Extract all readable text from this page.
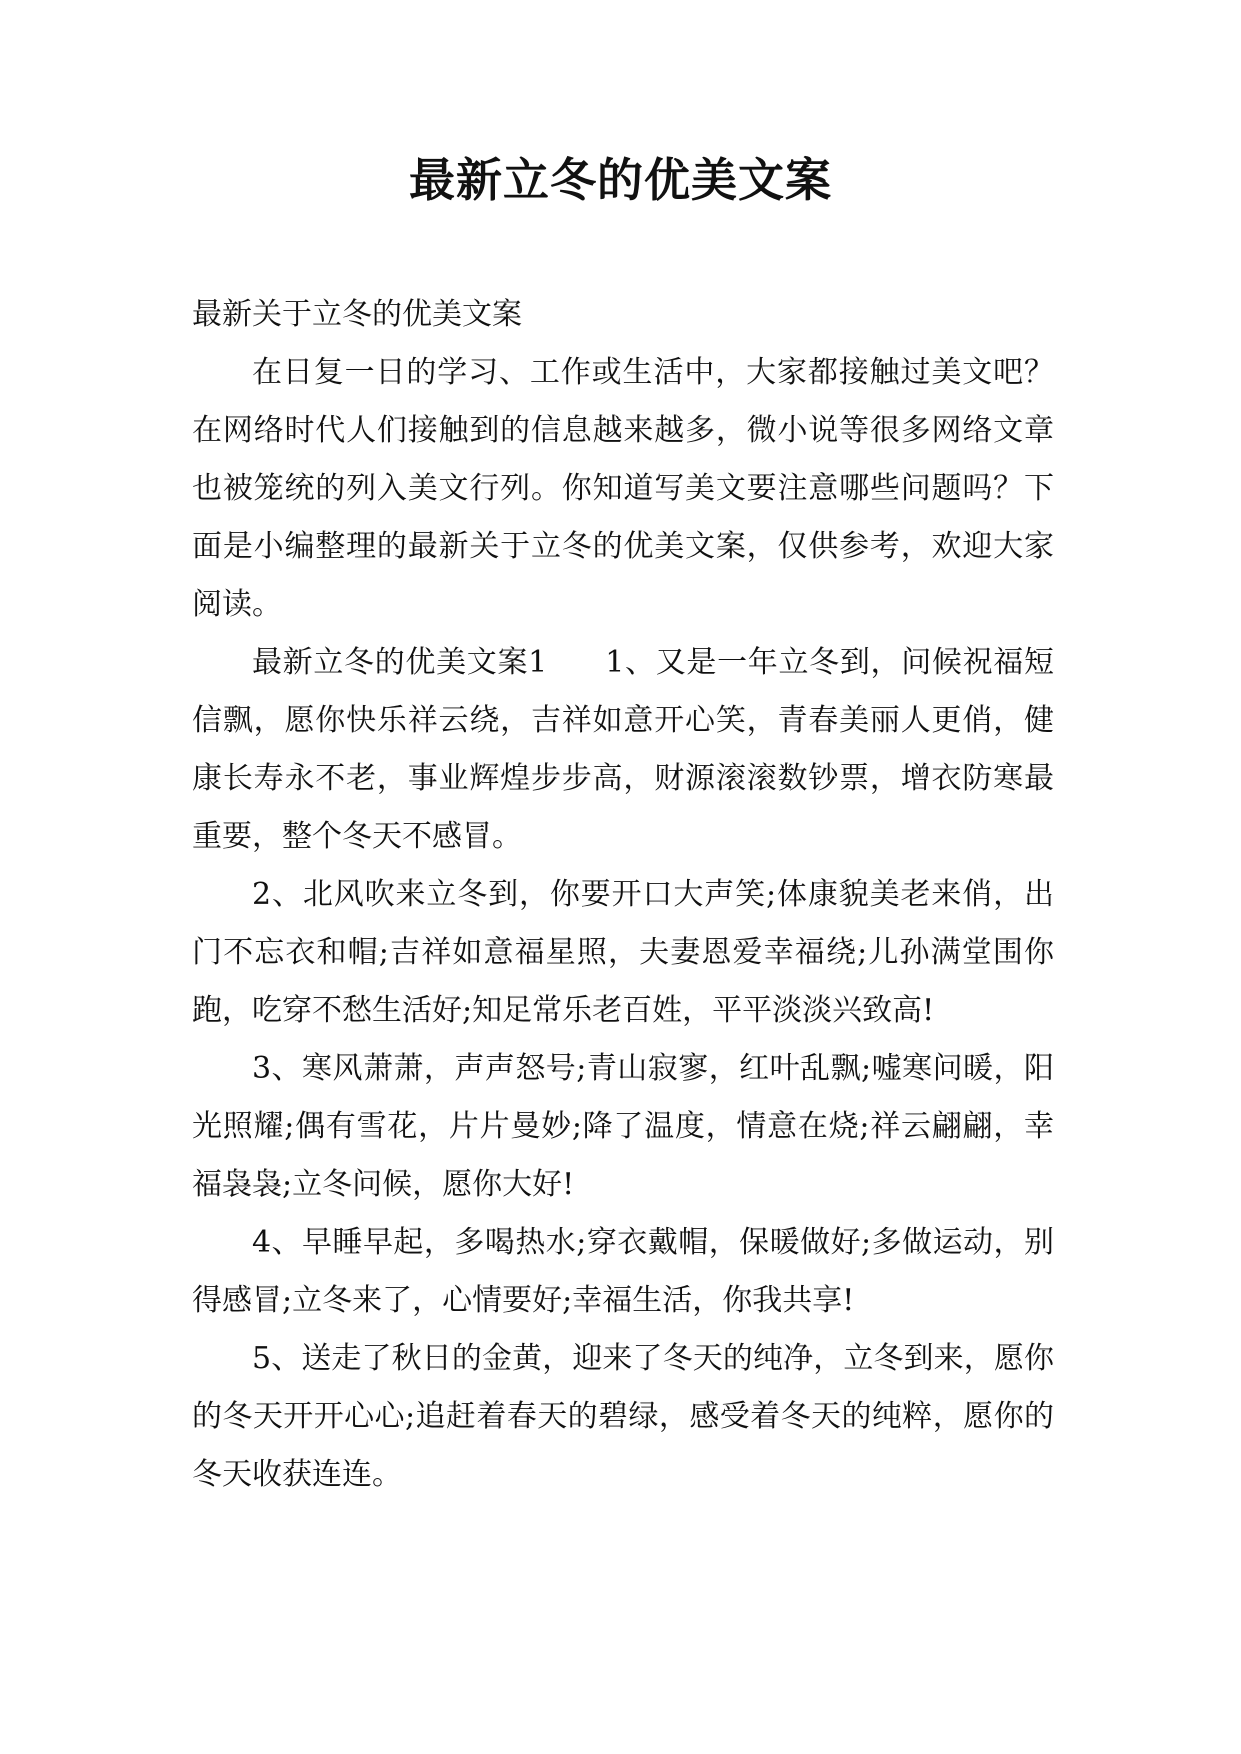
最新立冬的优美文案

最新关于立冬的优美文案

在日复一日的学习、工作或生活中，大家都接触过美文吧？在网络时代人们接触到的信息越来越多，微小说等很多网络文章也被笼统的列入美文行列。你知道写美文要注意哪些问题吗？下面是小编整理的最新关于立冬的优美文案，仅供参考，欢迎大家阅读。

最新立冬的优美文案1 1、又是一年立冬到，问候祝福短信飘，愿你快乐祥云绕，吉祥如意开心笑，青春美丽人更俏，健康长寿永不老，事业辉煌步步高，财源滚滚数钞票，增衣防寒最重要，整个冬天不感冒。

2、北风吹来立冬到，你要开口大声笑;体康貌美老来俏，出门不忘衣和帽;吉祥如意福星照，夫妻恩爱幸福绕;儿孙满堂围你跑，吃穿不愁生活好;知足常乐老百姓，平平淡淡兴致高!

3、寒风萧萧，声声怒号;青山寂寥，红叶乱飘;嘘寒问暖，阳光照耀;偶有雪花，片片曼妙;降了温度，情意在烧;祥云翩翩，幸福袅袅;立冬问候，愿你大好!

4、早睡早起，多喝热水;穿衣戴帽，保暖做好;多做运动，别得感冒;立冬来了，心情要好;幸福生活，你我共享!

5、送走了秋日的金黄，迎来了冬天的纯净，立冬到来，愿你的冬天开开心心;追赶着春天的碧绿，感受着冬天的纯粹，愿你的冬天收获连连。
